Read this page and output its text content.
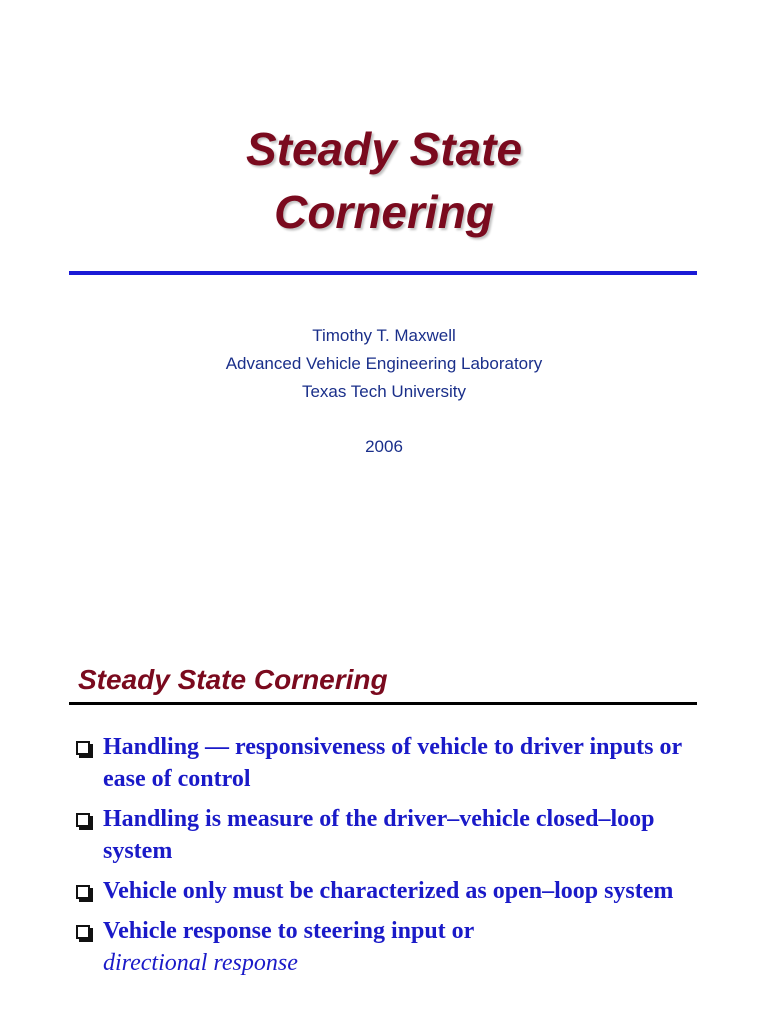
Steady State
Cornering
Timothy T. Maxwell
Advanced Vehicle Engineering Laboratory
Texas Tech University
2006
Steady State Cornering
Handling — responsiveness of vehicle to driver inputs or ease of control
Handling is measure of the driver–vehicle closed–loop system
Vehicle only must be characterized as open–loop system
Vehicle response to steering input or
directional response
